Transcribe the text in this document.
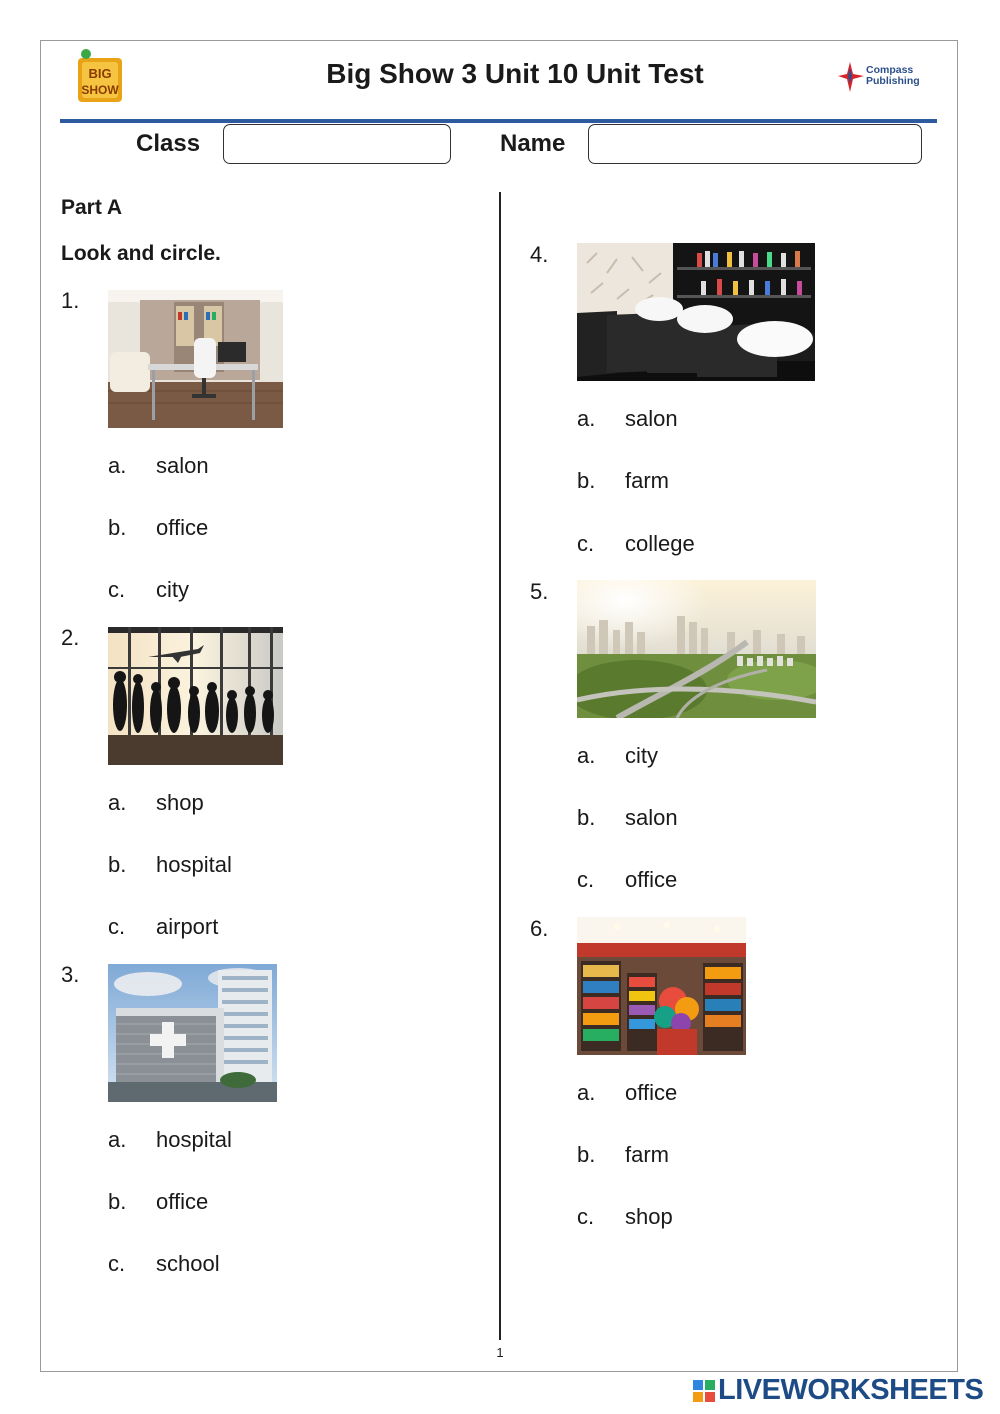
BIG
SHOW
Big Show 3 Unit 10 Unit Test	Compass
Publishing
Class	Name
Part A
Look and circle.
1.
a. salon
b. office
c. city
2.
a. shop
b. hospital
c. airport
3.
a. hospital
b. office
c. school
4.
a. salon
b. farm
c. college
5.
a. city
b. salon
c. office
6.
a. office
b. farm
c. shop
1
LIVEWORKSHEETS
